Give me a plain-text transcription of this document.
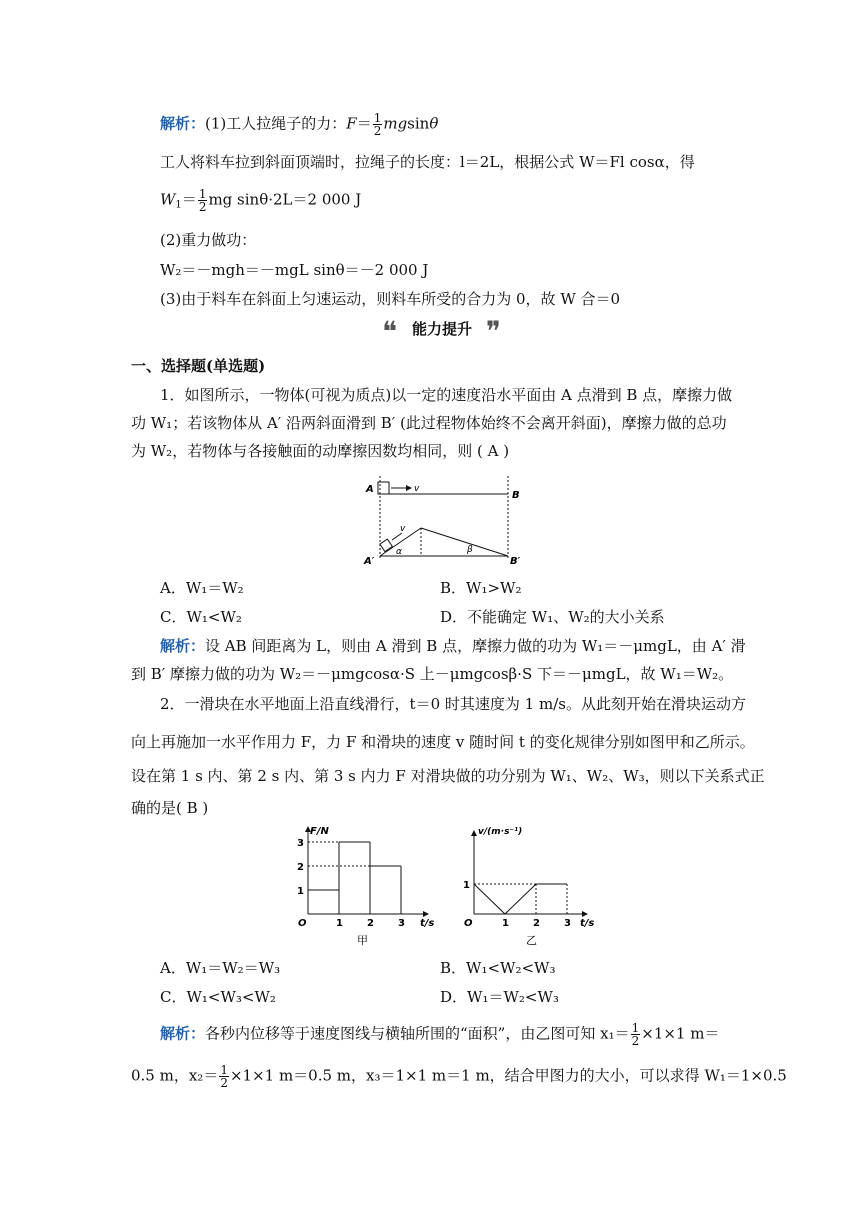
解析：(1)工人拉绳子的力：$F= \frac{1}{2}$ mgsinθ
工人将料车拉到斜面顶端时，拉绳子的长度：l＝2L，根据公式 W＝Fl cosα，得
$W_1= \frac{1}{2}$ mg sinθ·2L＝2 000 J
(2)重力做功：
W₂＝－mgh＝－mgL sinθ＝－2 000 J
(3)由于料车在斜面上匀速运动，则料车所受的合力为 0，故 W 合＝0
❝ 能力提升 ❞
一、选择题(单选题)
1．如图所示，一物体(可视为质点)以一定的速度沿水平面由 A 点滑到 B 点，摩擦力做
功 W₁；若该物体从 A′ 沿两斜面滑到 B′ (此过程物体始终不会离开斜面)，摩擦力做的总功
为 W₂，若物体与各接触面的动摩擦因数均相同，则 ( A )
v
A
B
v
α	β
A′	B′
A．W₁＝W₂	B．W₁>W₂
C．W₁<W₂	D．不能确定 W₁、W₂的大小关系
解析：设 AB 间距离为 L，则由 A 滑到 B 点，摩擦力做的功为 W₁＝－μmgL，由 A′ 滑
到 B′ 摩擦力做的功为 W₂＝－μmgcosα·S 上－μmgcosβ·S 下＝－μmgL，故 W₁＝W₂。
2．一滑块在水平地面上沿直线滑行，t＝0 时其速度为 1 m/s。从此刻开始在滑块运动方
向上再施加一水平作用力 F，力 F 和滑块的速度 v 随时间 t 的变化规律分别如图甲和乙所示。
设在第 1 s 内、第 2 s 内、第 3 s 内力 F 对滑块做的功分别为 W₁、W₂、W₃，则以下关系式正
确的是( B )
F/N
t/s
O
甲
1 2 3
1
2
3
v/(m·s⁻¹)
t/s
O
乙
1 2 3
1
A．W₁＝W₂＝W₃	B．W₁<W₂<W₃
C．W₁<W₃<W₂	D．W₁＝W₂<W₃
解析：各秒内位移等于速度图线与横轴所围的“面积”，由乙图可知 $x_1= \frac{1}{2} \times 1\times 1$ m＝
0.5 m，$x_2= \frac{1}{2} \times 1\times 1$ m＝0.5 m，x₃＝1×1 m＝1 m，结合甲图力的大小，可以求得 W₁＝1×0.5
